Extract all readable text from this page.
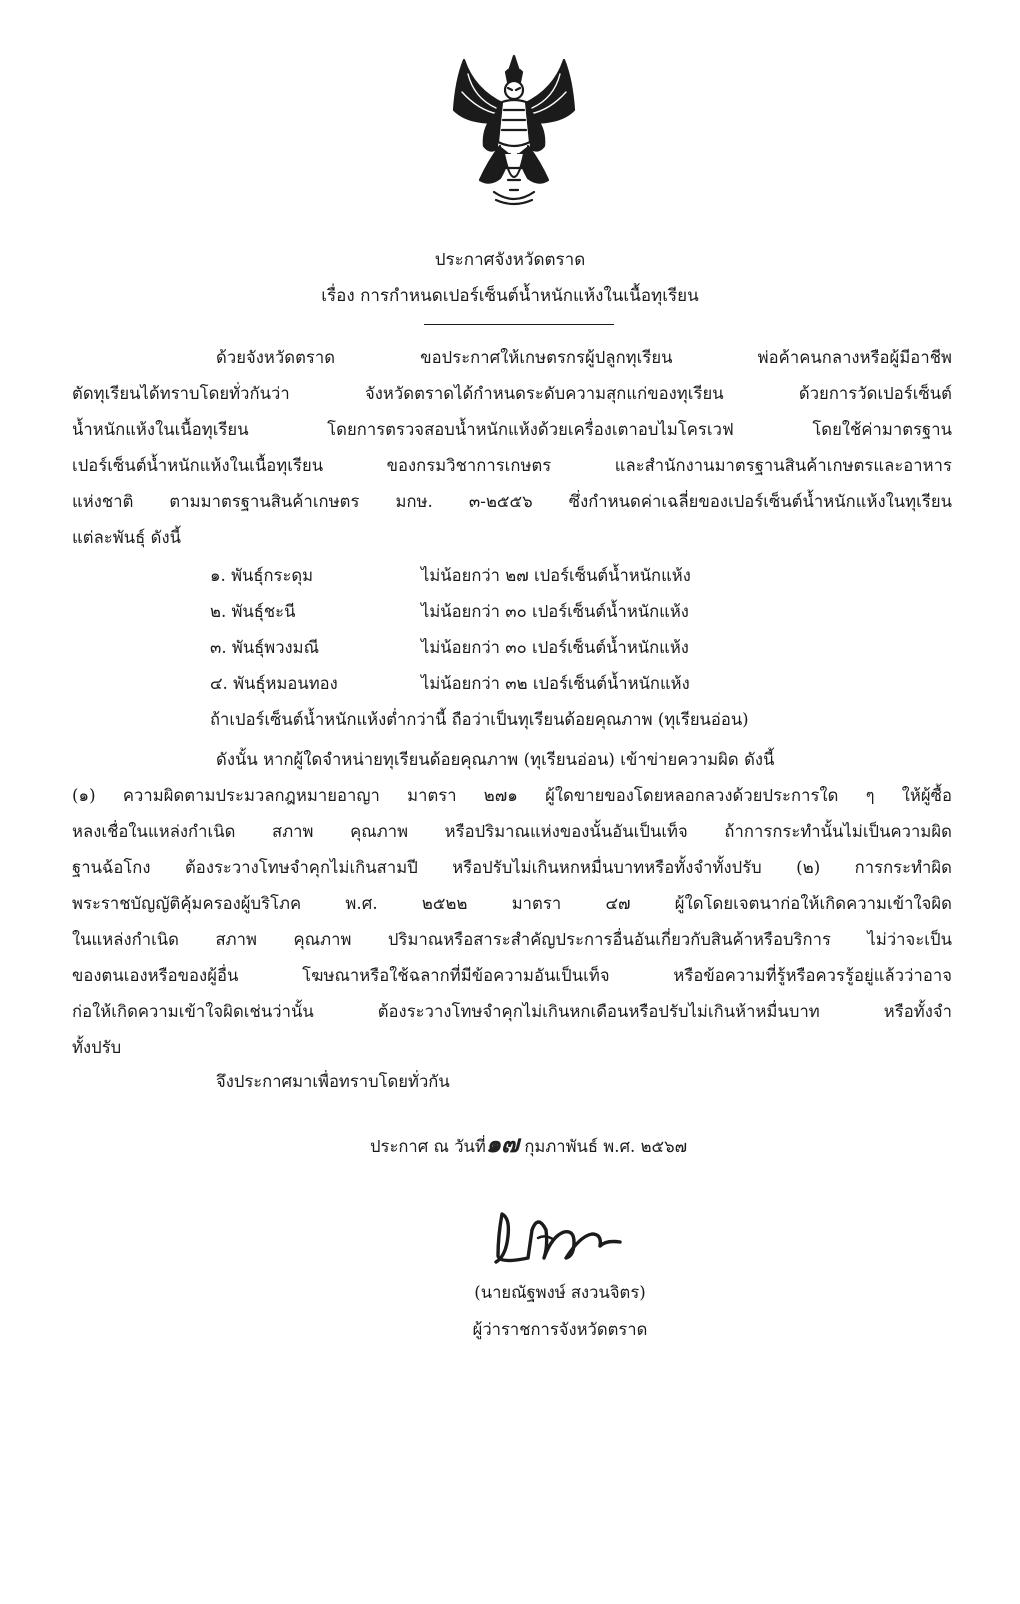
ประกาศจังหวัดตราด
เรื่อง การกำหนดเปอร์เซ็นต์น้ำหนักแห้งในเนื้อทุเรียน
ด้วยจังหวัดตราด ขอประกาศให้เกษตรกรผู้ปลูกทุเรียน พ่อค้าคนกลางหรือผู้มีอาชีพ
ตัดทุเรียนได้ทราบโดยทั่วกันว่า จังหวัดตราดได้กำหนดระดับความสุกแก่ของทุเรียน ด้วยการวัดเปอร์เซ็นต์
น้ำหนักแห้งในเนื้อทุเรียน โดยการตรวจสอบน้ำหนักแห้งด้วยเครื่องเตาอบไมโครเวฟ โดยใช้ค่ามาตรฐาน
เปอร์เซ็นต์น้ำหนักแห้งในเนื้อทุเรียน ของกรมวิชาการเกษตร และสำนักงานมาตรฐานสินค้าเกษตรและอาหาร
แห่งชาติ ตามมาตรฐานสินค้าเกษตร มกษ. ๓-๒๕๕๖ ซึ่งกำหนดค่าเฉลี่ยของเปอร์เซ็นต์น้ำหนักแห้งในทุเรียน
แต่ละพันธุ์ ดังนี้
๑. พันธุ์กระดุม	ไม่น้อยกว่า ๒๗ เปอร์เซ็นต์น้ำหนักแห้ง
๒. พันธุ์ชะนี	ไม่น้อยกว่า ๓๐ เปอร์เซ็นต์น้ำหนักแห้ง
๓. พันธุ์พวงมณี	ไม่น้อยกว่า ๓๐ เปอร์เซ็นต์น้ำหนักแห้ง
๔. พันธุ์หมอนทอง	ไม่น้อยกว่า ๓๒ เปอร์เซ็นต์น้ำหนักแห้ง
ถ้าเปอร์เซ็นต์น้ำหนักแห้งต่ำกว่านี้ ถือว่าเป็นทุเรียนด้อยคุณภาพ (ทุเรียนอ่อน)
ดังนั้น หากผู้ใดจำหน่ายทุเรียนด้อยคุณภาพ (ทุเรียนอ่อน) เข้าข่ายความผิด ดังนี้
(๑) ความผิดตามประมวลกฎหมายอาญา มาตรา ๒๗๑ ผู้ใดขายของโดยหลอกลวงด้วยประการใด ๆ ให้ผู้ซื้อ
หลงเชื่อในแหล่งกำเนิด สภาพ คุณภาพ หรือปริมาณแห่งของนั้นอันเป็นเท็จ ถ้าการกระทำนั้นไม่เป็นความผิด
ฐานฉ้อโกง ต้องระวางโทษจำคุกไม่เกินสามปี หรือปรับไม่เกินหกหมื่นบาทหรือทั้งจำทั้งปรับ (๒) การกระทำผิด
พระราชบัญญัติคุ้มครองผู้บริโภค พ.ศ. ๒๕๒๒ มาตรา ๔๗ ผู้ใดโดยเจตนาก่อให้เกิดความเข้าใจผิด
ในแหล่งกำเนิด สภาพ คุณภาพ ปริมาณหรือสาระสำคัญประการอื่นอันเกี่ยวกับสินค้าหรือบริการ ไม่ว่าจะเป็น
ของตนเองหรือของผู้อื่น โฆษณาหรือใช้ฉลากที่มีข้อความอันเป็นเท็จ หรือข้อความที่รู้หรือควรรู้อยู่แล้วว่าอาจ
ก่อให้เกิดความเข้าใจผิดเช่นว่านั้น ต้องระวางโทษจำคุกไม่เกินหกเดือนหรือปรับไม่เกินห้าหมื่นบาท หรือทั้งจำ
ทั้งปรับ
จึงประกาศมาเพื่อทราบโดยทั่วกัน
ประกาศ ณ วันที่๑๗ กุมภาพันธ์ พ.ศ. ๒๕๖๗
(นายณัฐพงษ์ สงวนจิตร)
ผู้ว่าราชการจังหวัดตราด
